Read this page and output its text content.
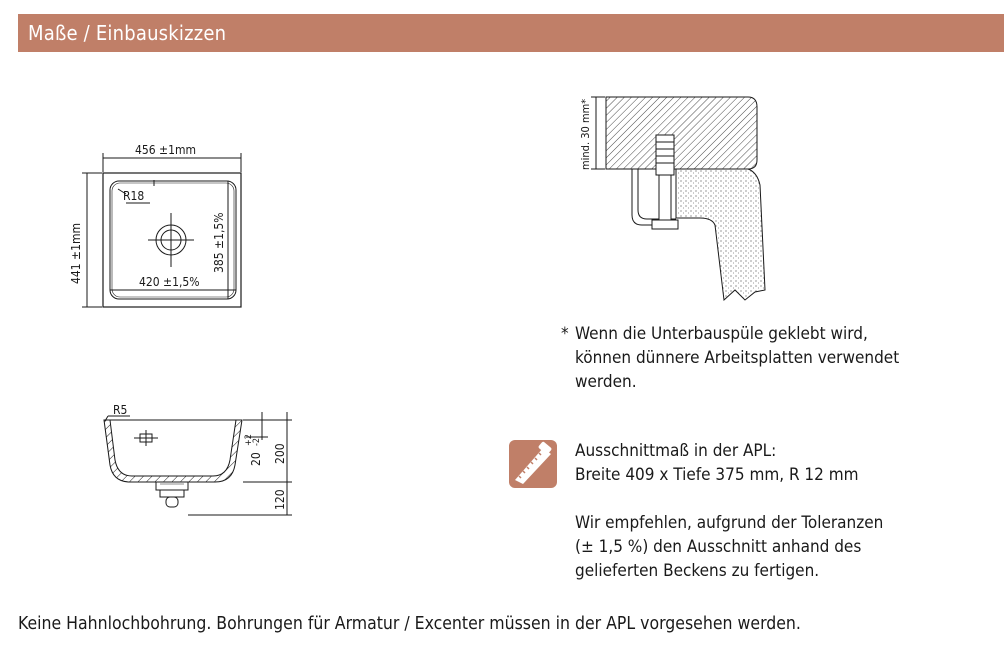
Maße / Einbauskizzen
456 ±1mm
R18
420 ±1,5%
441 ±1mm	385 ±1,5%
R5
200
120
20
+2
-2
mind. 30 mm*
* Wenn die Unterbauspüle geklebt wird,
können dünnere Arbeitsplatten verwendet
werden.
Ausschnittmaß in der APL:
Breite 409 x Tiefe 375 mm, R 12 mm
Wir empfehlen, aufgrund der Toleranzen
(± 1,5 %) den Ausschnitt anhand des
gelieferten Beckens zu fertigen.
Keine Hahnlochbohrung. Bohrungen für Armatur / Excenter müssen in der APL vorgesehen werden.
